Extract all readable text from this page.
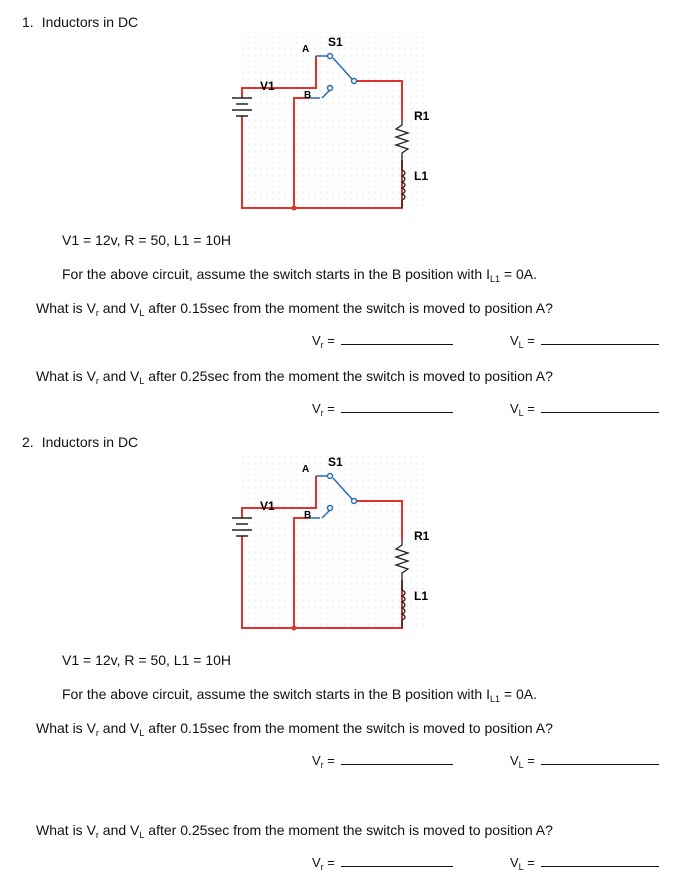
1. Inductors in DC
A
S1
V1
B
R1
L1
V1 = 12v, R = 50, L1 = 10H
For the above circuit, assume the switch starts in the B position with $I_{L1} = 0A$.
What is $V_r$ and $V_L$ after 0.15sec from the moment the switch is moved to position A?
$V_r$ =	$V_L$ =
What is $V_r$ and $V_L$ after 0.25sec from the moment the switch is moved to position A?
$V_r$ =	$V_L$ =
2. Inductors in DC
A
S1
V1
B
R1
L1
V1 = 12v, R = 50, L1 = 10H
For the above circuit, assume the switch starts in the B position with $I_{L1} = 0A$.
What is $V_r$ and $V_L$ after 0.15sec from the moment the switch is moved to position A?
$V_r$ =	$V_L$ =
What is $V_r$ and $V_L$ after 0.25sec from the moment the switch is moved to position A?
$V_r$ =	$V_L$ =
